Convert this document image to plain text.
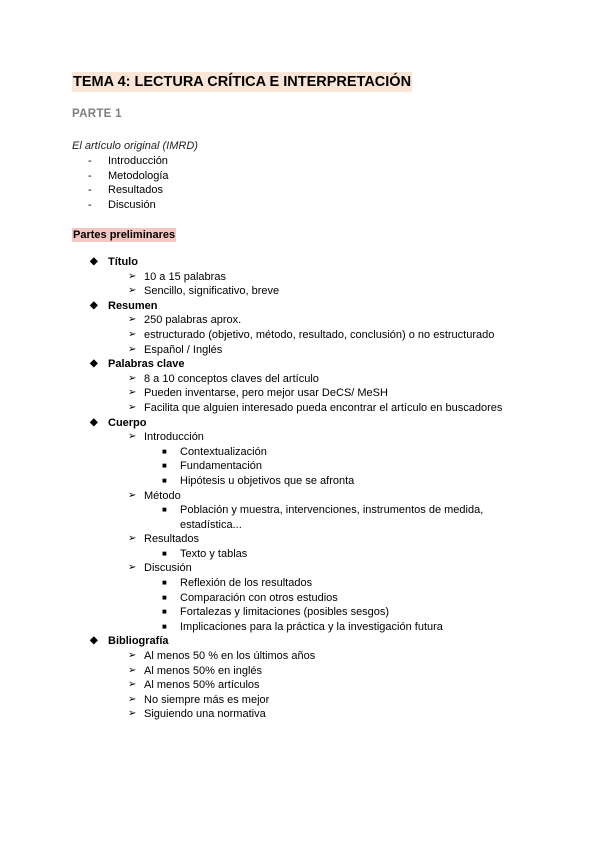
TEMA 4: LECTURA CRÍTICA E INTERPRETACIÓN
PARTE 1
El artículo original (IMRD)
- Introducción
- Metodología
- Resultados
- Discusión
Partes preliminares
◆ Título
➢ 10 a 15 palabras
➢ Sencillo, significativo, breve
◆ Resumen
➢ 250 palabras aprox.
➢ estructurado (objetivo, método, resultado, conclusión) o no estructurado
➢ Español / Inglés
◆ Palabras clave
➢ 8 a 10 conceptos claves del artículo
➢ Pueden inventarse, pero mejor usar DeCS/ MeSH
➢ Facilita que alguien interesado pueda encontrar el artículo en buscadores
◆ Cuerpo
➢ Introducción
■ Contextualización
■ Fundamentación
■ Hipótesis u objetivos que se afronta
➢ Método
■ Población y muestra, intervenciones, instrumentos de medida, estadística...
➢ Resultados
■ Texto y tablas
➢ Discusión
■ Reflexión de los resultados
■ Comparación con otros estudios
■ Fortalezas y limitaciones (posibles sesgos)
■ Implicaciones para la práctica y la investigación futura
◆ Bibliografía
➢ Al menos 50 % en los últimos años
➢ Al menos 50% en inglés
➢ Al menos 50% artículos
➢ No siempre más es mejor
➢ Siguiendo una normativa
